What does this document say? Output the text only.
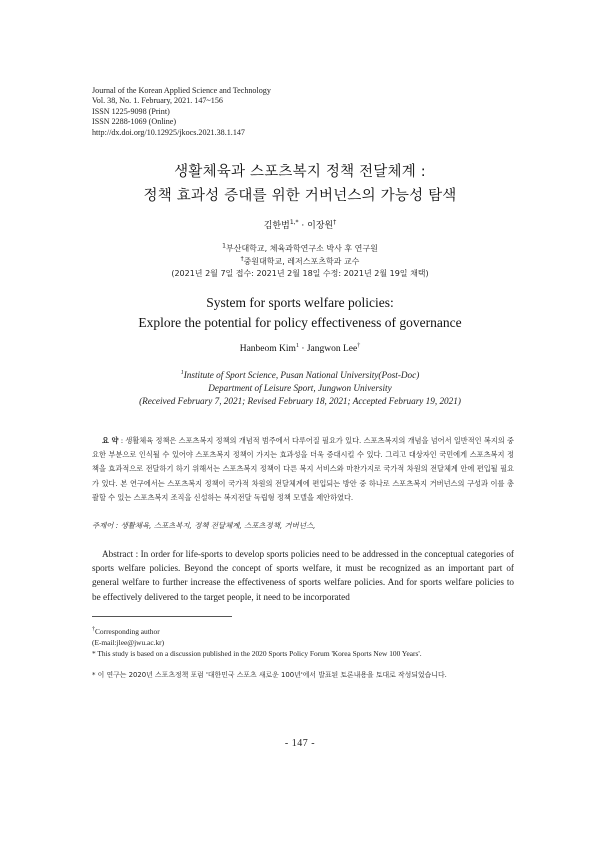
Journal of the Korean Applied Science and Technology
Vol. 38, No. 1. February, 2021. 147~156
ISSN 1225-9098 (Print)
ISSN 2288-1069 (Online)
http://dx.doi.org/10.12925/jkocs.2021.38.1.147
생활체육과 스포츠복지 정책 전달체계 :
정책 효과성 증대를 위한 거버넌스의 가능성 탐색
김한범$^{1,*}$ · 이장원†
$^1$부산대학교, 체육과학연구소 박사 후 연구원
†중원대학교, 레저스포츠학과 교수
(2021년 2월 7일 접수: 2021년 2월 18일 수정: 2021년 2월 19일 채택)
System for sports welfare policies:
Explore the potential for policy effectiveness of governance
Hanbeom Kim$^1$ · Jangwon Lee†
$^1$Institute of Sport Science, Pusan National University(Post-Doc)
Department of Leisure Sport, Jungwon University
(Received February 7, 2021; Revised February 18, 2021; Accepted February 19, 2021)
요 약 : 생활체육 정책은 스포츠복지 정책의 개념적 범주에서 다루어질 필요가 있다. 스포츠복지의 개념을 넘어서 일반적인 복지의 중요한 부분으로 인식될 수 있어야 스포츠복지 정책이 가지는 효과성을 더욱 증대시킬 수 있다. 그리고 대상자인 국민에게 스포츠복지 정책을 효과적으로 전달하기 하기 위해서는 스포츠복지 정책이 다른 복지 서비스와 마찬가지로 국가적 차원의 전달체계 안에 편입될 필요가 있다. 본 연구에서는 스포츠복지 정책이 국가적 차원의 전달체계에 편입되는 방안 중 하나로 스포츠복지 거버넌스의 구성과 이를 총괄할 수 있는 스포츠복지 조직을 신설하는 복지전달 독립형 정책 모델을 제안하였다.
주제어 : 생활체육, 스포츠복지, 정책 전달체계, 스포츠정책, 거버넌스,
Abstract : In order for life-sports to develop sports policies need to be addressed in the conceptual categories of sports welfare policies. Beyond the concept of sports welfare, it must be recognized as an important part of general welfare to further increase the effectiveness of sports welfare policies. And for sports welfare policies to be effectively delivered to the target people, it need to be incorporated
†Corresponding author
(E-mail:jlee@jwu.ac.kr)
* This study is based on a discussion published in the 2020 Sports Policy Forum 'Korea Sports New 100 Years'.
* 이 연구는 2020년 스포츠정책 포럼 '대한민국 스포츠 새로운 100년'에서 발표된 토론내용을 토대로 작성되었습니다.
- 147 -
